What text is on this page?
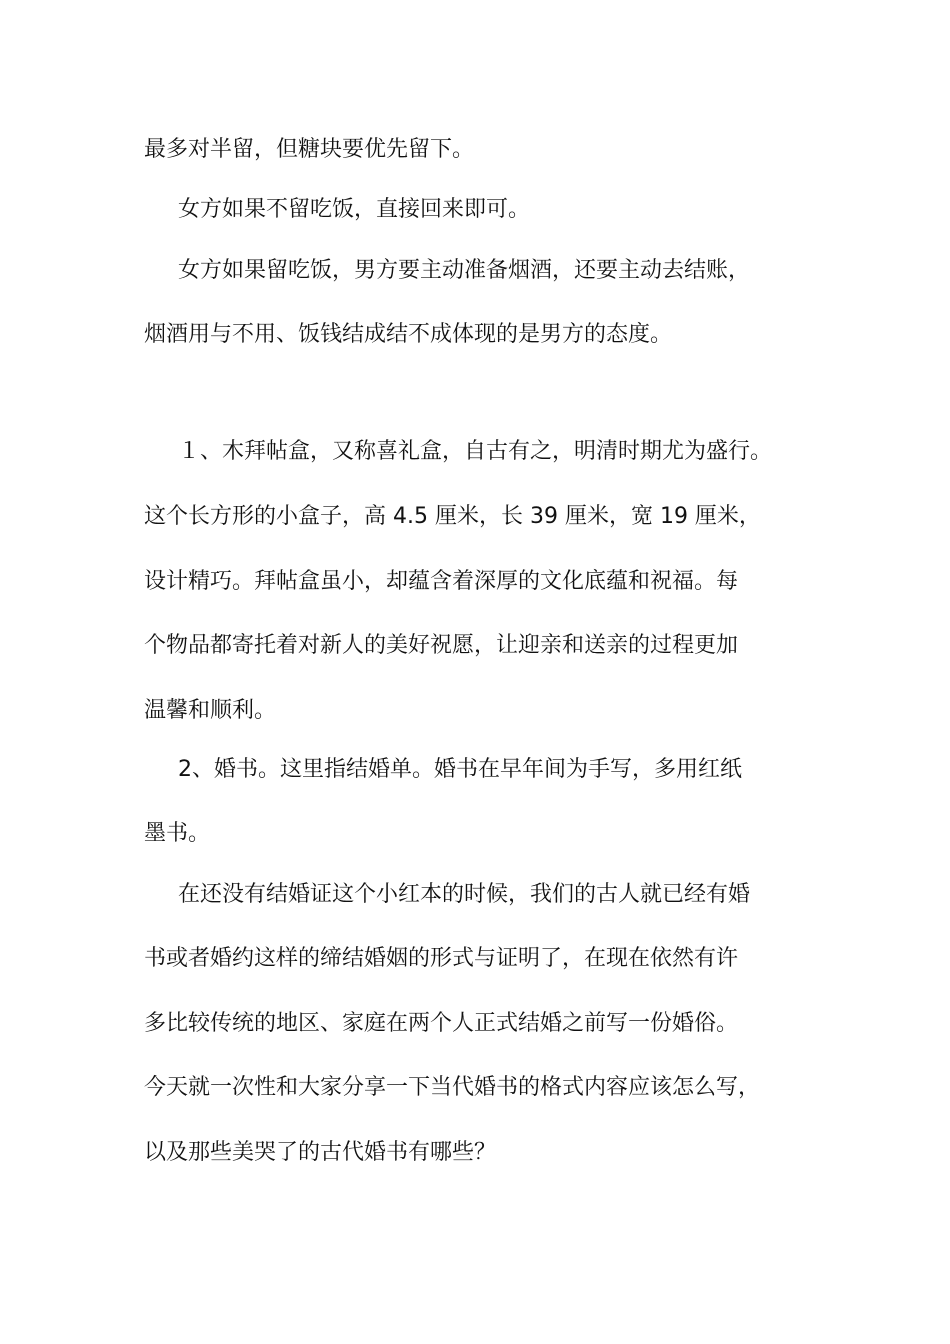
最多对半留，但糖块要优先留下。

女方如果不留吃饭，直接回来即可。

女方如果留吃饭，男方要主动准备烟酒，还要主动去结账，

烟酒用与不用、饭钱结成结不成体现的是男方的态度。

１、木拜帖盒，又称喜礼盒，自古有之，明清时期尤为盛行。

这个长方形的小盒子，高 4.5 厘米，长 39 厘米，宽 19 厘米，

设计精巧。拜帖盒虽小，却蕴含着深厚的文化底蕴和祝福。每

个物品都寄托着对新人的美好祝愿，让迎亲和送亲的过程更加

温馨和顺利。

2、婚书。这里指结婚单。婚书在早年间为手写，多用红纸

墨书。

在还没有结婚证这个小红本的时候，我们的古人就已经有婚

书或者婚约这样的缔结婚姻的形式与证明了，在现在依然有许

多比较传统的地区、家庭在两个人正式结婚之前写一份婚俗。

今天就一次性和大家分享一下当代婚书的格式内容应该怎么写，

以及那些美哭了的古代婚书有哪些？
